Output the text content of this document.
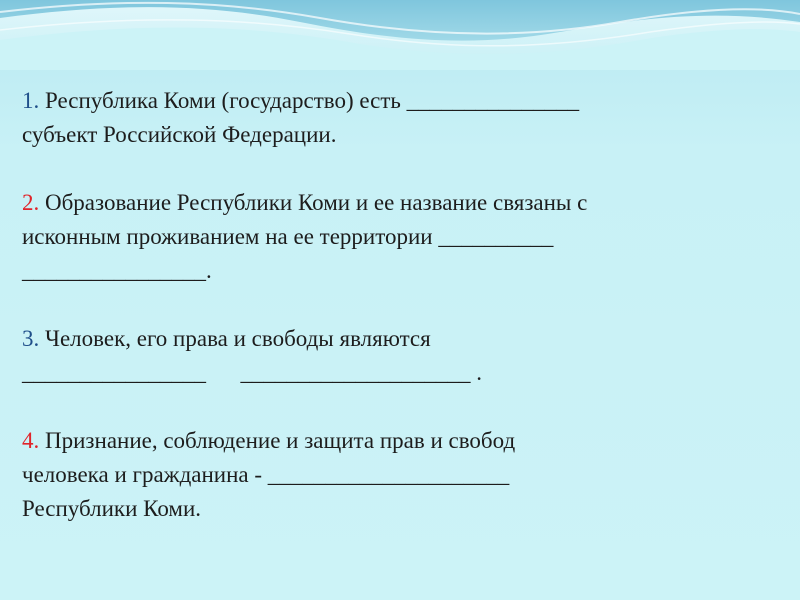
1. Республика Коми (государство) есть _______________
субъект Российской Федерации.

2. Образование Республики Коми и ее название связаны с
исконным проживанием на ее территории __________
________________.

3. Человек, его права и свободы являются
________________      ____________________ .

4. Признание, соблюдение и защита прав и свобод
человека и гражданина - _____________________
Республики Коми.
